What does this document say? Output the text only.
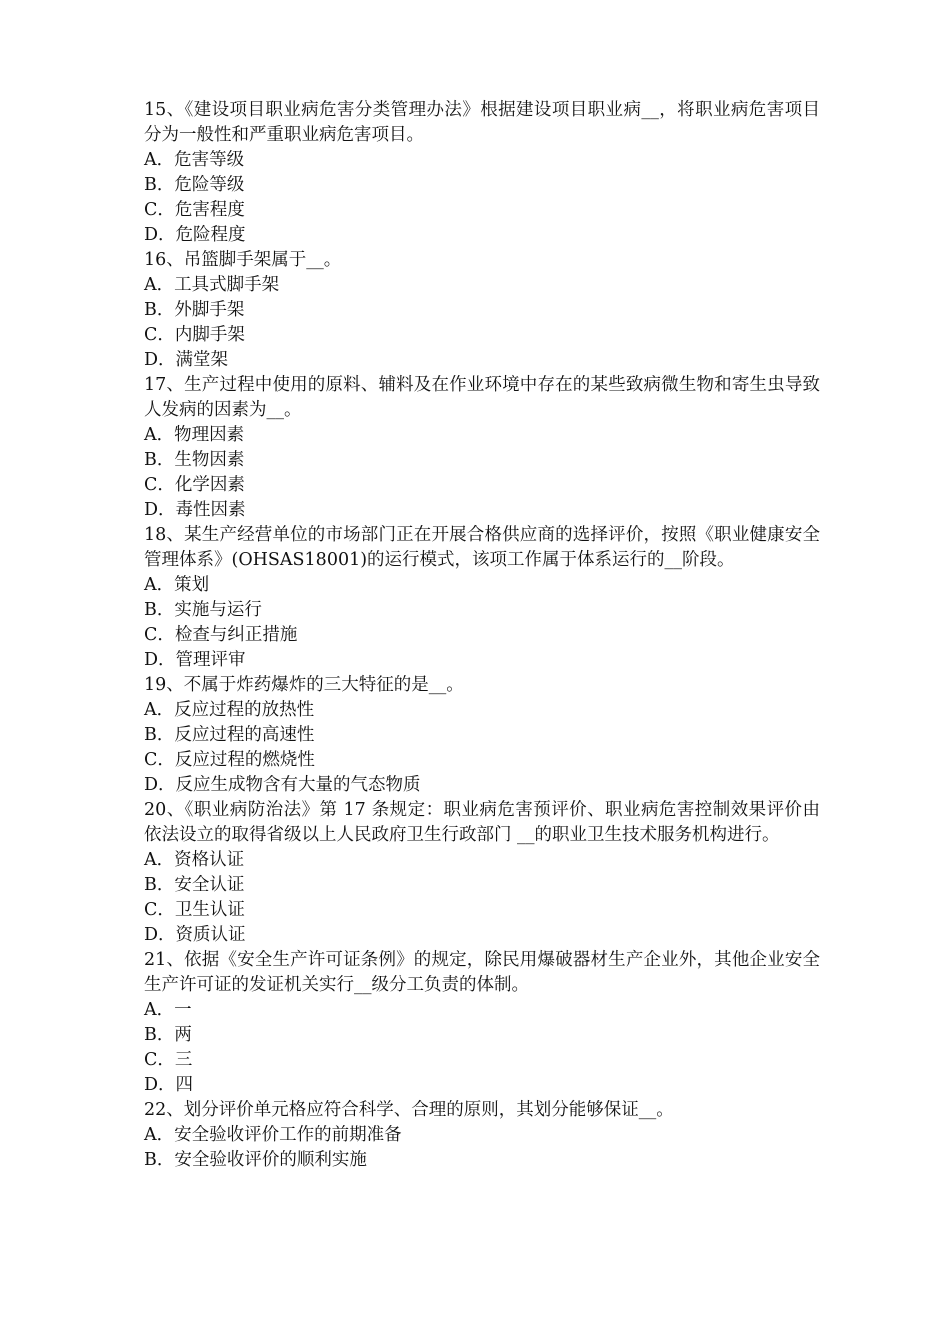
15、《建设项目职业病危害分类管理办法》根据建设项目职业病__，将职业病危害项目分为一般性和严重职业病危害项目。
A．危害等级
B．危险等级
C．危害程度
D．危险程度
16、吊篮脚手架属于__。
A．工具式脚手架
B．外脚手架
C．内脚手架
D．满堂架
17、生产过程中使用的原料、辅料及在作业环境中存在的某些致病微生物和寄生虫导致人发病的因素为__。
A．物理因素
B．生物因素
C．化学因素
D．毒性因素
18、某生产经营单位的市场部门正在开展合格供应商的选择评价，按照《职业健康安全管理体系》(OHSAS18001)的运行模式，该项工作属于体系运行的__阶段。
A．策划
B．实施与运行
C．检查与纠正措施
D．管理评审
19、不属于炸药爆炸的三大特征的是__。
A．反应过程的放热性
B．反应过程的高速性
C．反应过程的燃烧性
D．反应生成物含有大量的气态物质
20、《职业病防治法》第 17 条规定：职业病危害预评价、职业病危害控制效果评价由依法设立的取得省级以上人民政府卫生行政部门 __的职业卫生技术服务机构进行。
A．资格认证
B．安全认证
C．卫生认证
D．资质认证
21、依据《安全生产许可证条例》的规定，除民用爆破器材生产企业外，其他企业安全生产许可证的发证机关实行__级分工负责的体制。
A．一
B．两
C．三
D．四
22、划分评价单元格应符合科学、合理的原则，其划分能够保证__。
A．安全验收评价工作的前期准备
B．安全验收评价的顺利实施
